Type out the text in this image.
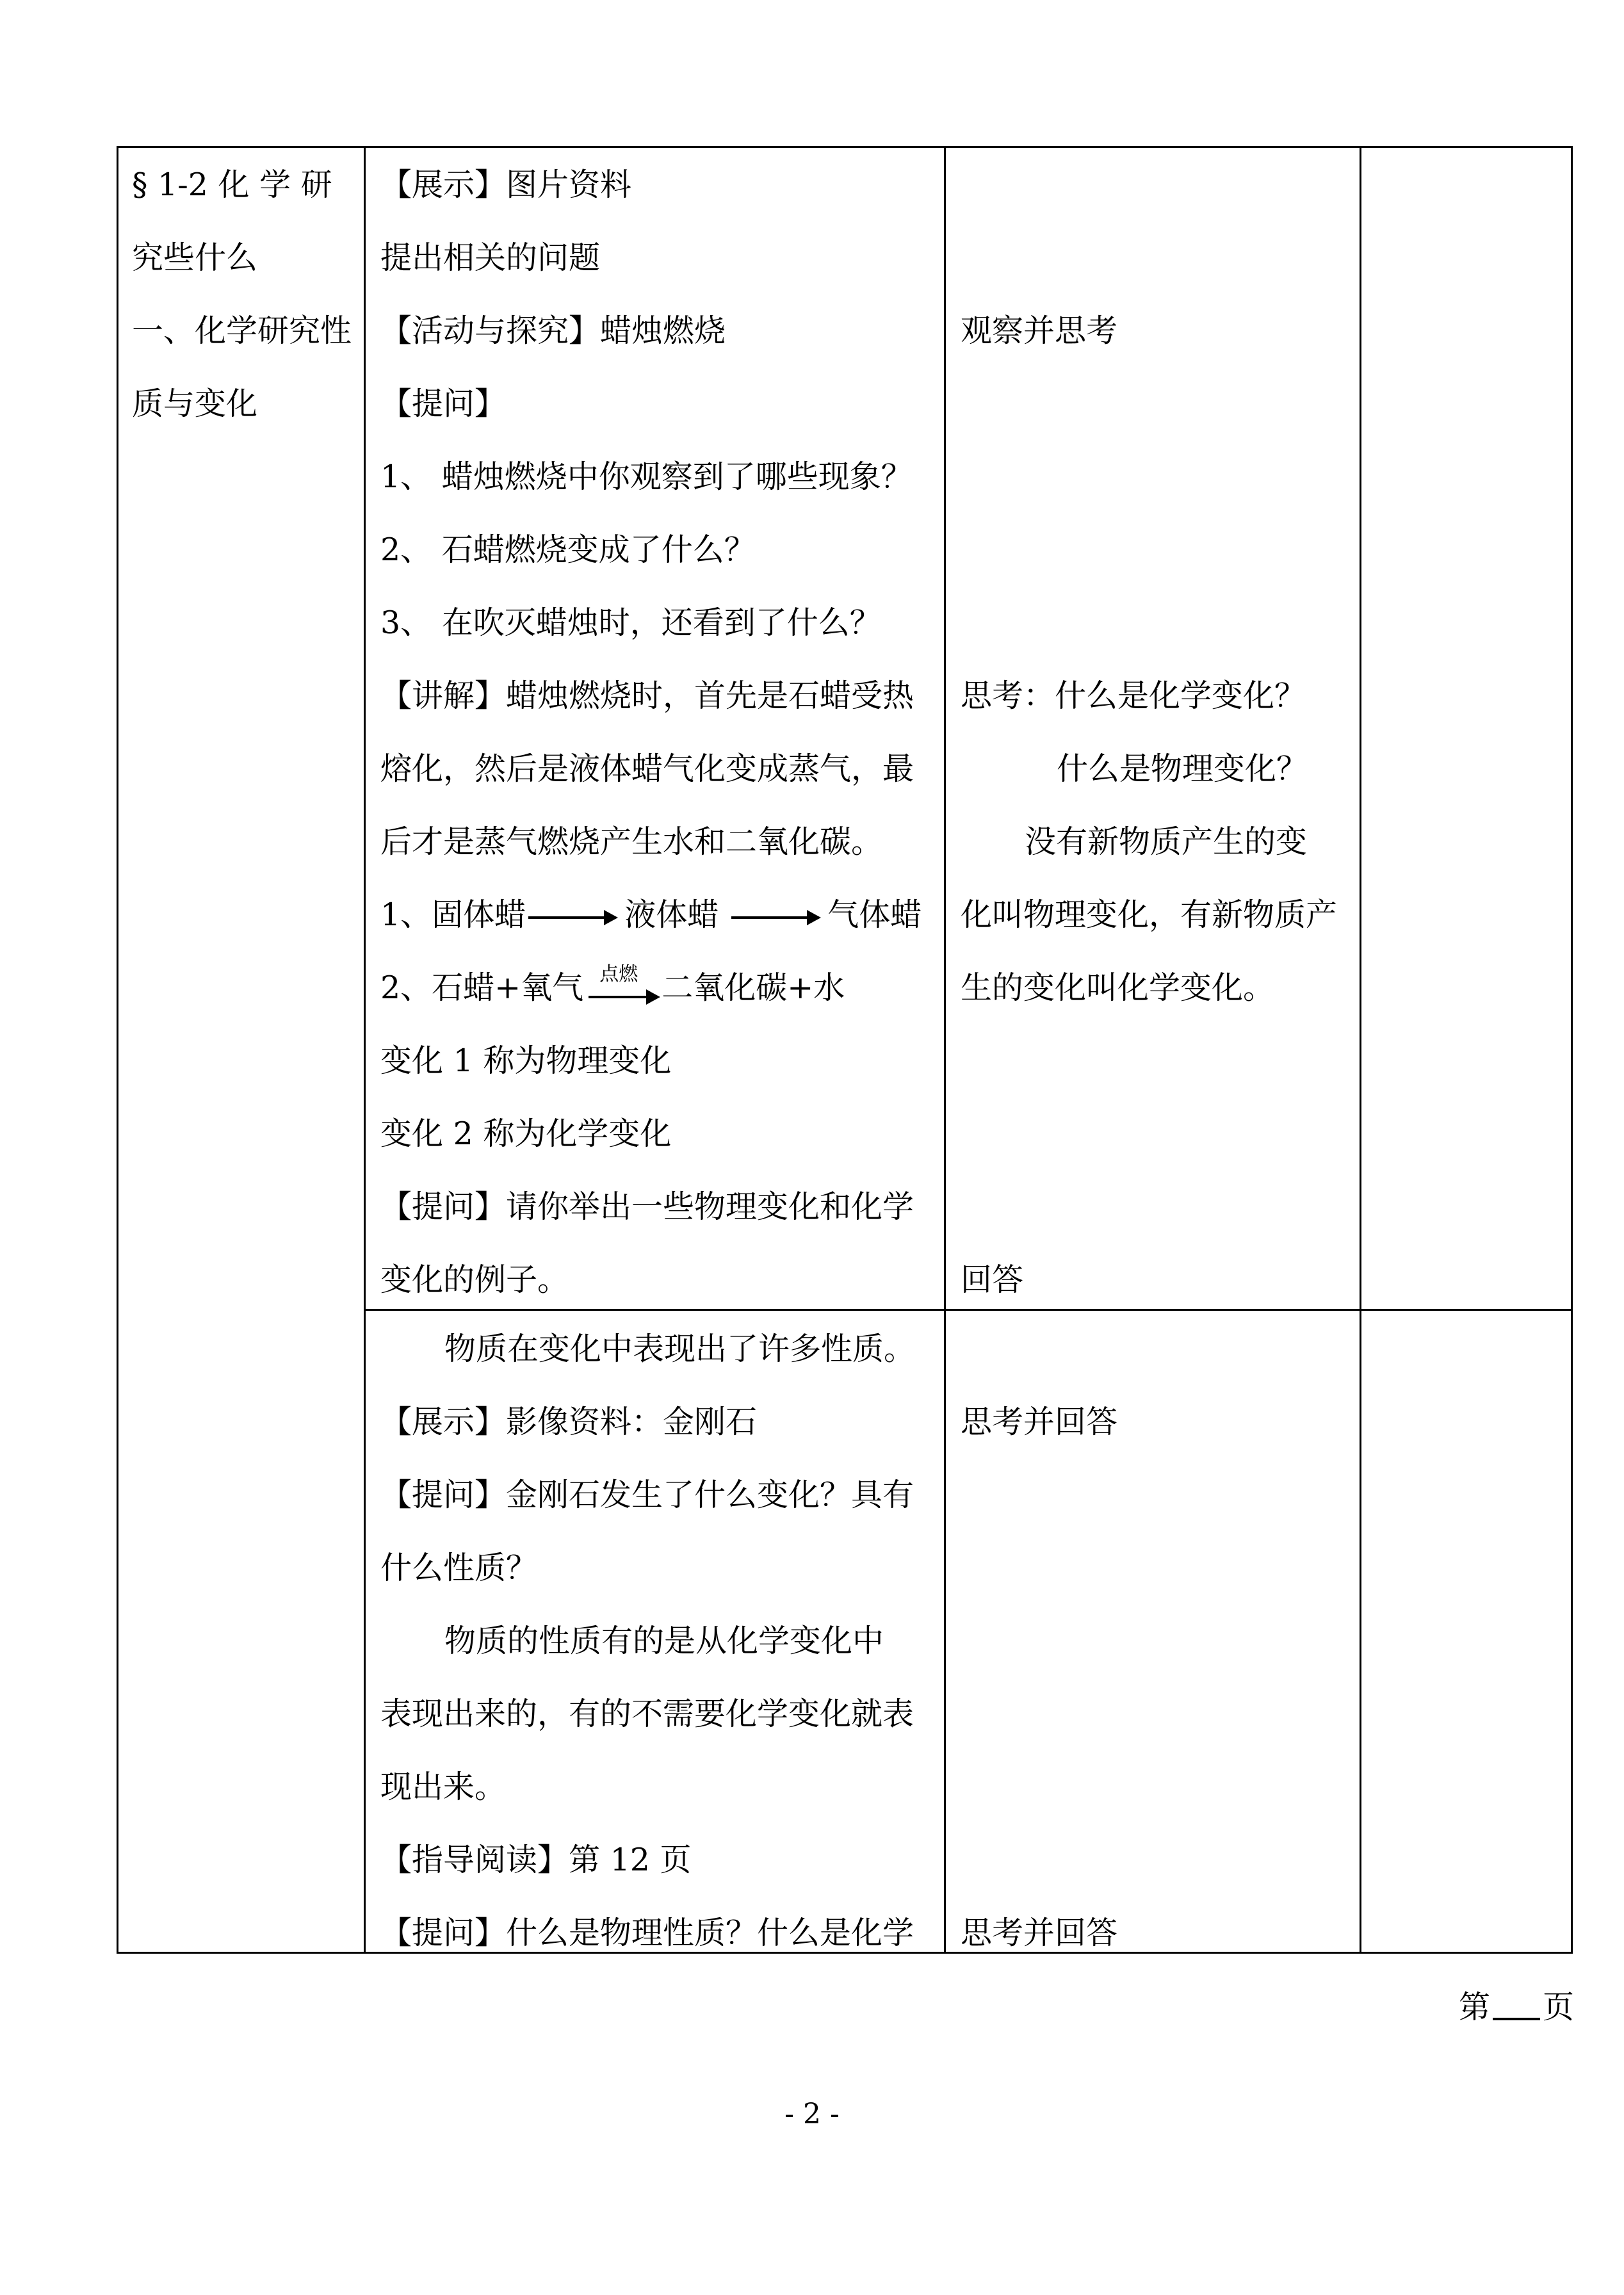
§ 1-2 化 学 研
究些什么
一、化学研究性
质与变化
【展示】图片资料
提出相关的问题
【活动与探究】蜡烛燃烧
【提问】
1、 蜡烛燃烧中你观察到了哪些现象？
2、 石蜡燃烧变成了什么？
3、 在吹灭蜡烛时，还看到了什么？
【讲解】蜡烛燃烧时，首先是石蜡受热
熔化，然后是液体蜡气化变成蒸气，最
后才是蒸气燃烧产生水和二氧化碳。
1、固体蜡	液体蜡	气体蜡
2、石蜡+氧气 点燃 二氧化碳+水
变化 1 称为物理变化
变化 2 称为化学变化
【提问】请你举出一些物理变化和化学
变化的例子。
观察并思考
思考：什么是化学变化？
什么是物理变化？
没有新物质产生的变
化叫物理变化，有新物质产
生的变化叫化学变化。
回答
物质在变化中表现出了许多性质。
【展示】影像资料：金刚石
【提问】金刚石发生了什么变化？具有
什么性质？
物质的性质有的是从化学变化中
表现出来的，有的不需要化学变化就表
现出来。
【指导阅读】第 12 页
【提问】什么是物理性质？什么是化学
思考并回答
思考并回答
第 页
- 2 -
